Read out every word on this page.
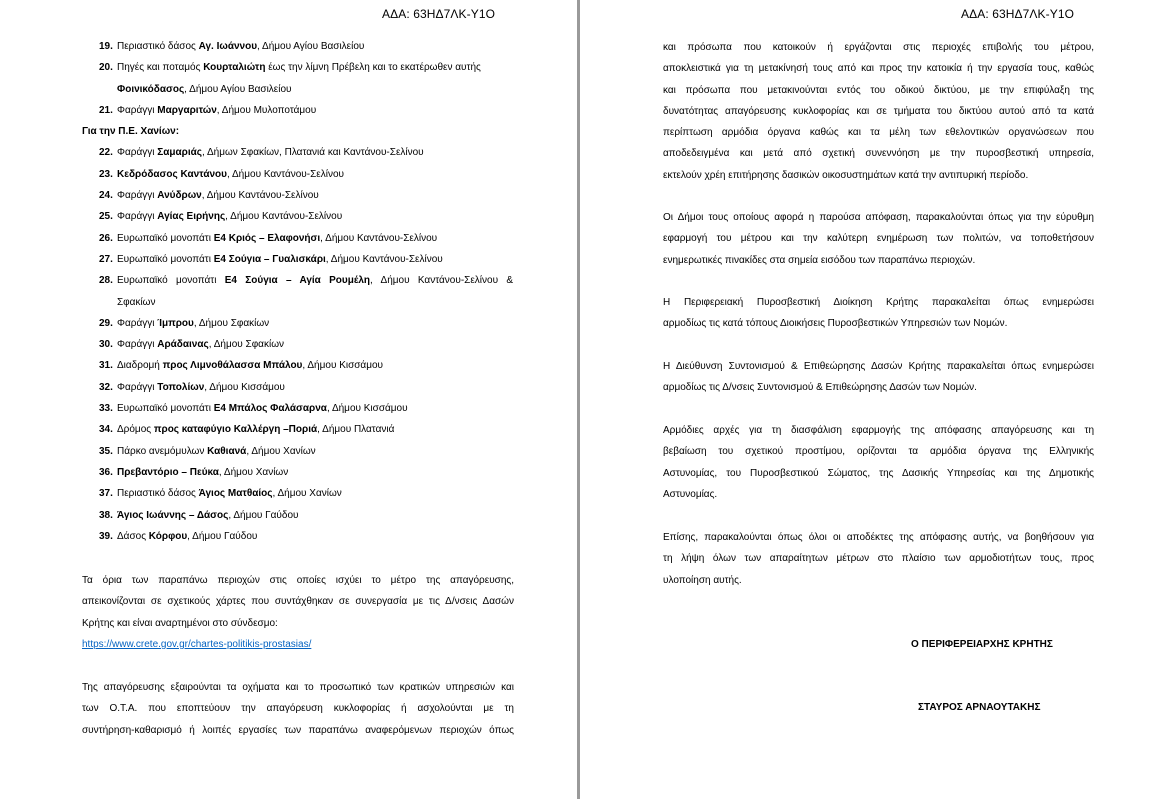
ΑΔΑ: 63ΗΔ7ΛΚ-Υ1Ο
19. Περιαστικό δάσος Αγ. Ιωάννου, Δήμου Αγίου Βασιλείου
20. Πηγές και ποταμός Κουρταλιώτη έως την λίμνη Πρέβελη και το εκατέρωθεν αυτής
Φοινικόδασος, Δήμου Αγίου Βασιλείου
21. Φαράγγι Μαργαριτών, Δήμου Μυλοποτάμου
Για την Π.Ε. Χανίων:
22. Φαράγγι Σαμαριάς, Δήμων Σφακίων, Πλατανιά και Καντάνου-Σελίνου
23. Κεδρόδασος Καντάνου, Δήμου Καντάνου-Σελίνου
24. Φαράγγι Ανύδρων, Δήμου Καντάνου-Σελίνου
25. Φαράγγι Αγίας Ειρήνης, Δήμου Καντάνου-Σελίνου
26. Ευρωπαϊκό μονοπάτι Ε4 Κριός – Ελαφονήσι, Δήμου Καντάνου-Σελίνου
27. Ευρωπαϊκό μονοπάτι Ε4 Σούγια – Γυαλισκάρι, Δήμου Καντάνου-Σελίνου
28. Ευρωπαϊκό μονοπάτι Ε4 Σούγια – Αγία Ρουμέλη, Δήμου Καντάνου-Σελίνου &
Σφακίων
29. Φαράγγι Ίμπρου, Δήμου Σφακίων
30. Φαράγγι Αράδαινας, Δήμου Σφακίων
31. Διαδρομή προς Λιμνοθάλασσα Μπάλου, Δήμου Κισσάμου
32. Φαράγγι Τοπολίων, Δήμου Κισσάμου
33. Ευρωπαϊκό μονοπάτι Ε4 Μπάλος Φαλάσαρνα, Δήμου Κισσάμου
34. Δρόμος προς καταφύγιο Καλλέργη –Ποριά, Δήμου Πλατανιά
35. Πάρκο ανεμόμυλων Καθιανά, Δήμου Χανίων
36. Πρεβαντόριο – Πεύκα, Δήμου Χανίων
37. Περιαστικό δάσος Άγιος Ματθαίος, Δήμου Χανίων
38. Άγιος Ιωάννης – Δάσος, Δήμου Γαύδου
39. Δάσος Κόρφου, Δήμου Γαύδου
Τα όρια των παραπάνω περιοχών στις οποίες ισχύει το μέτρο της απαγόρευσης,
απεικονίζονται σε σχετικούς χάρτες που συντάχθηκαν σε συνεργασία με τις Δ/νσεις Δασών
Κρήτης και είναι αναρτημένοι στο σύνδεσμο:
https://www.crete.gov.gr/chartes-politikis-prostasias/
Της απαγόρευσης εξαιρούνται τα οχήματα και το προσωπικό των κρατικών υπηρεσιών και
των Ο.Τ.Α. που εποπτεύουν την απαγόρευση κυκλοφορίας ή ασχολούνται με τη
συντήρηση-καθαρισμό ή λοιπές εργασίες των παραπάνω αναφερόμενων περιοχών όπως
ΑΔΑ: 63ΗΔ7ΛΚ-Υ1Ο
και πρόσωπα που κατοικούν ή εργάζονται στις περιοχές επιβολής του μέτρου,
αποκλειστικά για τη μετακίνησή τους από και προς την κατοικία ή την εργασία τους, καθώς
και πρόσωπα που μετακινούνται εντός του οδικού δικτύου, με την επιφύλαξη της
δυνατότητας απαγόρευσης κυκλοφορίας και σε τμήματα του δικτύου αυτού από τα κατά
περίπτωση αρμόδια όργανα καθώς και τα μέλη των εθελοντικών οργανώσεων που
αποδεδειγμένα και μετά από σχετική συνεννόηση με την πυροσβεστική υπηρεσία,
εκτελούν χρέη επιτήρησης δασικών οικοσυστημάτων κατά την αντιπυρική περίοδο.
Οι Δήμοι τους οποίους αφορά η παρούσα απόφαση, παρακαλούνται όπως για την εύρυθμη
εφαρμογή του μέτρου και την καλύτερη ενημέρωση των πολιτών, να τοποθετήσουν
ενημερωτικές πινακίδες στα σημεία εισόδου των παραπάνω περιοχών.
Η Περιφερειακή Πυροσβεστική Διοίκηση Κρήτης παρακαλείται όπως ενημερώσει
αρμοδίως τις κατά τόπους Διοικήσεις Πυροσβεστικών Υπηρεσιών των Νομών.
Η Διεύθυνση Συντονισμού & Επιθεώρησης Δασών Κρήτης παρακαλείται όπως ενημερώσει
αρμοδίως τις Δ/νσεις Συντονισμού & Επιθεώρησης Δασών των Νομών.
Αρμόδιες αρχές για τη διασφάλιση εφαρμογής της απόφασης απαγόρευσης και τη
βεβαίωση του σχετικού προστίμου, ορίζονται τα αρμόδια όργανα της Ελληνικής
Αστυνομίας, του Πυροσβεστικού Σώματος, της Δασικής Υπηρεσίας και της Δημοτικής
Αστυνομίας.
Επίσης, παρακαλούνται όπως όλοι οι αποδέκτες της απόφασης αυτής, να βοηθήσουν για
τη λήψη όλων των απαραίτητων μέτρων στο πλαίσιο των αρμοδιοτήτων τους, προς
υλοποίηση αυτής.
Ο ΠΕΡΙΦΕΡΕΙΑΡΧΗΣ ΚΡΗΤΗΣ
ΣΤΑΥΡΟΣ ΑΡΝΑΟΥΤΑΚΗΣ
